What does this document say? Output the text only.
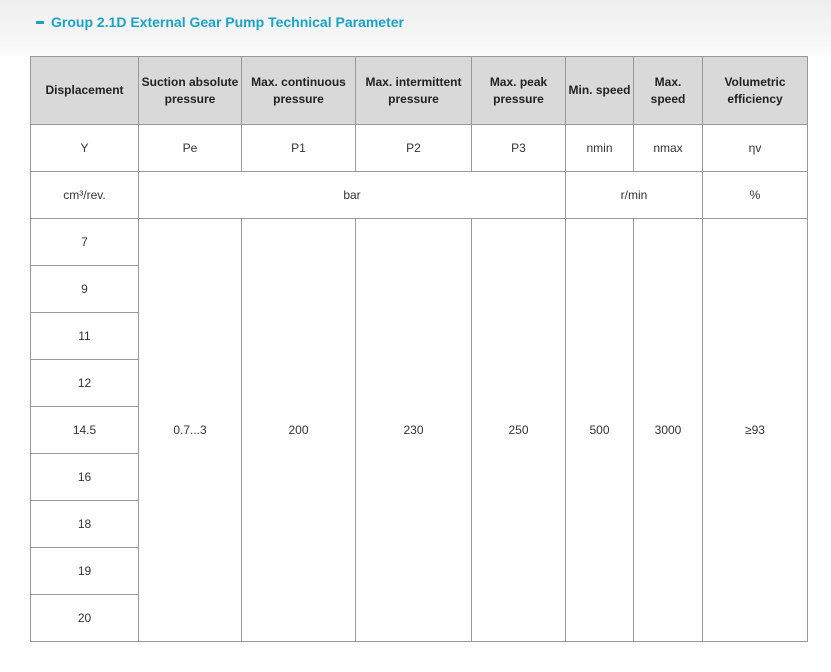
Group 2.1D External Gear Pump Technical Parameter
Displacement	Suction absolute pressure	Max. continuous pressure	Max. intermittent pressure	Max. peak pressure	Min. speed	Max. speed	Volumetric efficiency
Y	Pe	P1	P2	P3	nmin	nmax	ηv
cm³/rev.	bar				r/min		%
7	0.7...3	200	230	250	500	3000	≥93
9							
11							
12							
14.5							
16							
18							
19							
20							
